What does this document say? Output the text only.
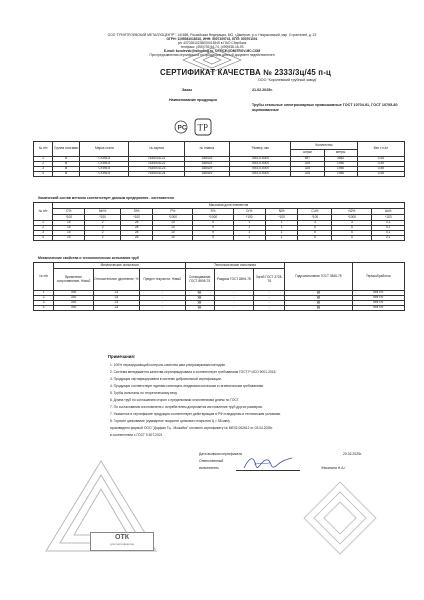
ООО "ГРИНТРОЕВСКИЙ МЕТАЛЛОЦЕНТР", 141865, Российская Федерация, МО, г.Дмитров, р-н. Некрасовский, мкр. Строителей, д. 23
ОГРН: 1195081018310, ИНН: 5007109741, КПП: 500701001
р/с 40702810238000013845 в ПАО Сбербанк
тел/факс: (495)739-94-74, (499)938-16-93
E-mail: korolevsk@tsikoding.ru, OFFICE@DMITROV-MC.COM
При предъявлении сертификата на продукцию данный документ недействителен
СЕРТИФИКАТ КАЧЕСТВА № 2333/3ц/45 п-ц
ООО "Королевский трубный завод"
Заказ	21.02.2025г.
Наименование продукции
Трубы стальные электросварные прямошовные ГОСТ 10704-91, ГОСТ 10705-80 оцинкованные
PC TP
№ п/п	Группа поставки	Марка стали	№ партии	№ плавок	Размер, мм	Количество		Вес т.н./кг
						штуки	метры	
1	В	Ст3пс-5	7635001121	348429	76х3,5-6000	697	3582	0,45
2	В	Ст3пс-5	7635001122	348429	76х3,5-6000	325	1950	0,45
3	В	Ст3пс-5	7635001123	348429	76х3,5-6000	325	1950	0,48
4	В	Ст3пс-5	7635001124	348429	76х3,5-6000	325	1950	0,48
Химический состав металла соответствует данным предприятия - изготовителя
№ п/п	Массовая доля элементов									
	C%	Mn%	Si%	P%	S%	Cr%	Ni%	Cu%	N2%	As%
	*100	*100	*100	*1000	*1000	*100	*100	*100	*1000	*103
1	15	2	28	10	9	1	1	3	3	0,1
2	15	2	28	10	9	1	1	5	5	0,1
3	15	2	28	10	9	1	1	5	5	0,1
4	15	2	28	10	9	1	1	5	5	0,1
Механические свойства и технологические испытания труб
№ п/п	Механические испытания			Технологические испытания			Гидроиспытание ГОСТ 3845-75	Термообработка
	Временное сопротивление, Н/мм2	Относительное удлинение, %	Предел текучести, Н/мм2	Сплющивание ГОСТ 8695-75	Раздача ГОСТ 8694-75	Загиб ГОСТ 3728-78		
1	392	23	-	уд.	-	-	уд	без т/о
2	392	23	-	уд.	-	-	уд	без т/о
3	392	23	-	уд.	-	-	уд	без т/о
4	392	23	-	уд.	-	-	уд	без т/о
Примечания:
1. 100% неразрушающий контроль качества шва ультразвуковым методом.
2. Система менеджмента качества сертифицирована и соответствует требованиям ГОСТ Р ИСО 9001-2015.
3. Продукция сертифицирована в системе добровольной сертификации.
4. Продукция соответствует единым санитарно-эпидемиологическим и гигиеническим требованиям.
5. Трубы испытаны по теоретическому весу.
6. Длина труб по соглашению сторон с предельными отклонениями длины по ГОСТ.
7. По согласованию изготовителя с потребителем допускается изготовление труб других размеров.
7. Указанное в сертификате продукция соответствует действующим в РФ стандартам и техническим условиям.
8. Горячее цинкование (суммарное покрытие цинкового покрытия Ц = 55 мкм)
произведено фирмой ООО "Дорфан Гц - Можайск" согласно сертификату № МЕЗ2-002612 от 03.04.2025г.
в соответствии с ГОСТ 9.307-2021
Дата выписки сертификата	20.02.2025г.
Ответственный
исполнитель	/Никитина Н.А./
ОТК
для сертификатов
